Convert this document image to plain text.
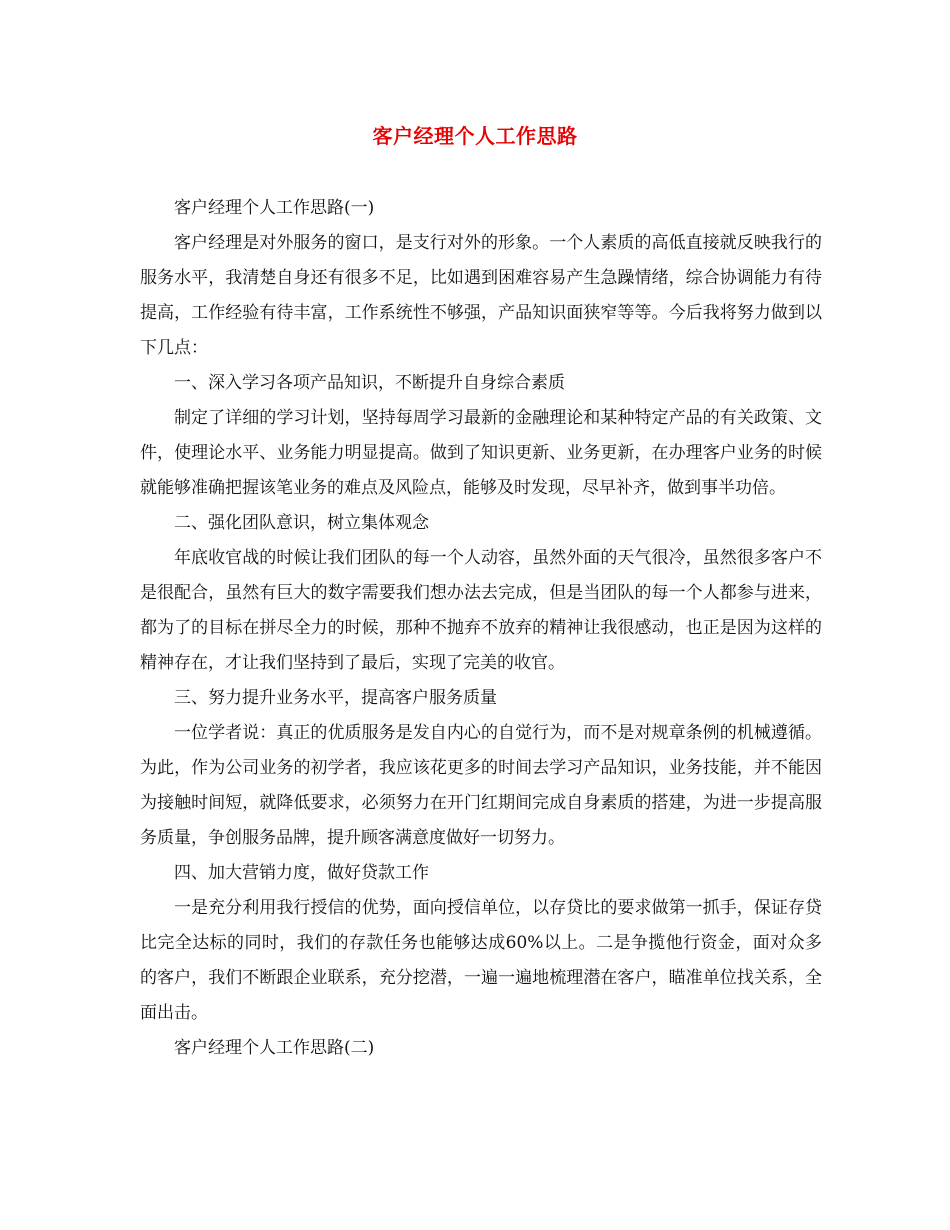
客户经理个人工作思路

客户经理个人工作思路(一)

客户经理是对外服务的窗口，是支行对外的形象。一个人素质的高低直接就反映我行的服务水平，我清楚自身还有很多不足，比如遇到困难容易产生急躁情绪，综合协调能力有待提高，工作经验有待丰富，工作系统性不够强，产品知识面狭窄等等。今后我将努力做到以下几点：

一、深入学习各项产品知识，不断提升自身综合素质

制定了详细的学习计划，坚持每周学习最新的金融理论和某种特定产品的有关政策、文件，使理论水平、业务能力明显提高。做到了知识更新、业务更新，在办理客户业务的时候就能够准确把握该笔业务的难点及风险点，能够及时发现，尽早补齐，做到事半功倍。

二、强化团队意识，树立集体观念

年底收官战的时候让我们团队的每一个人动容，虽然外面的天气很冷，虽然很多客户不是很配合，虽然有巨大的数字需要我们想办法去完成，但是当团队的每一个人都参与进来，都为了的目标在拼尽全力的时候，那种不抛弃不放弃的精神让我很感动，也正是因为这样的精神存在，才让我们坚持到了最后，实现了完美的收官。

三、努力提升业务水平，提高客户服务质量

一位学者说：真正的优质服务是发自内心的自觉行为，而不是对规章条例的机械遵循。为此，作为公司业务的初学者，我应该花更多的时间去学习产品知识，业务技能，并不能因为接触时间短，就降低要求，必须努力在开门红期间完成自身素质的搭建，为进一步提高服务质量，争创服务品牌，提升顾客满意度做好一切努力。

四、加大营销力度，做好贷款工作

一是充分利用我行授信的优势，面向授信单位，以存贷比的要求做第一抓手，保证存贷比完全达标的同时，我们的存款任务也能够达成60%以上。二是争揽他行资金，面对众多的客户，我们不断跟企业联系，充分挖潜，一遍一遍地梳理潜在客户，瞄准单位找关系，全面出击。

客户经理个人工作思路(二)
